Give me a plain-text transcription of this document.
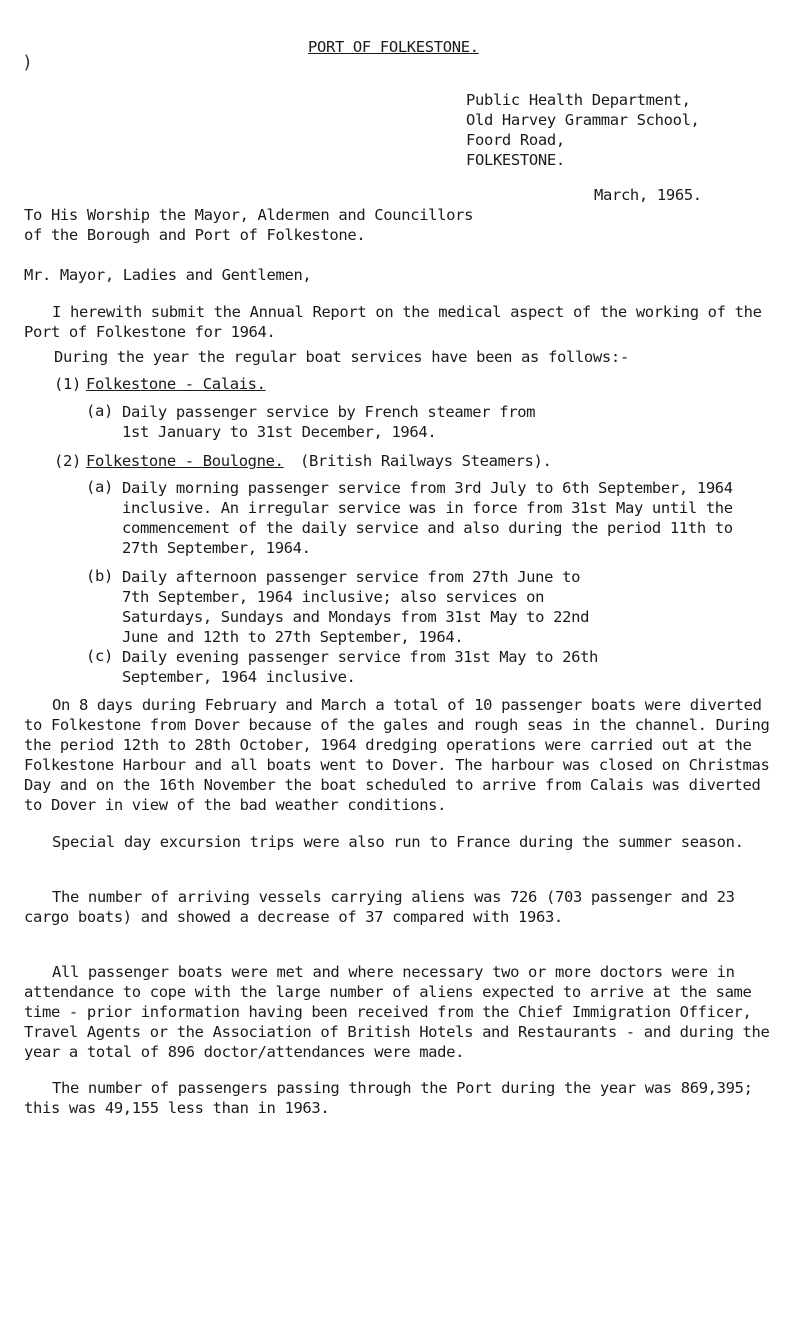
)
PORT OF FOLKESTONE.
Public Health Department,
Old Harvey Grammar School,
Foord Road,
FOLKESTONE.
March, 1965.
To His Worship the Mayor, Aldermen and Councillors
of the Borough and Port of Folkestone.
Mr. Mayor, Ladies and Gentlemen,

I herewith submit the Annual Report on the medical aspect of the working of the Port of Folkestone for 1964.

During the year the regular boat services have been as follows:-
(1) Folkestone - Calais.
(a) Daily passenger service by French steamer from 1st January to 31st December, 1964.

(2) Folkestone - Boulogne. (British Railways Steamers).
(a) Daily morning passenger service from 3rd July to 6th September, 1964 inclusive. An irregular service was in force from 31st May until the commencement of the daily service and also during the period 11th to 27th September, 1964.

(b) Daily afternoon passenger service from 27th June to 7th September, 1964 inclusive; also services on Saturdays, Sundays and Mondays from 31st May to 22nd June and 12th to 27th September, 1964.

(c) Daily evening passenger service from 31st May to 26th September, 1964 inclusive.

On 8 days during February and March a total of 10 passenger boats were diverted to Folkestone from Dover because of the gales and rough seas in the channel. During the period 12th to 28th October, 1964 dredging operations were carried out at the Folkestone Harbour and all boats went to Dover. The harbour was closed on Christmas Day and on the 16th November the boat scheduled to arrive from Calais was diverted to Dover in view of the bad weather conditions.

Special day excursion trips were also run to France during the summer season.

The number of arriving vessels carrying aliens was 726 (703 passenger and 23 cargo boats) and showed a decrease of 37 compared with 1963.

All passenger boats were met and where necessary two or more doctors were in attendance to cope with the large number of aliens expected to arrive at the same time - prior information having been received from the Chief Immigration Officer, Travel Agents or the Association of British Hotels and Restaurants - and during the year a total of 896 doctor/attendances were made.

The number of passengers passing through the Port during the year was 869,395; this was 49,155 less than in 1963.
